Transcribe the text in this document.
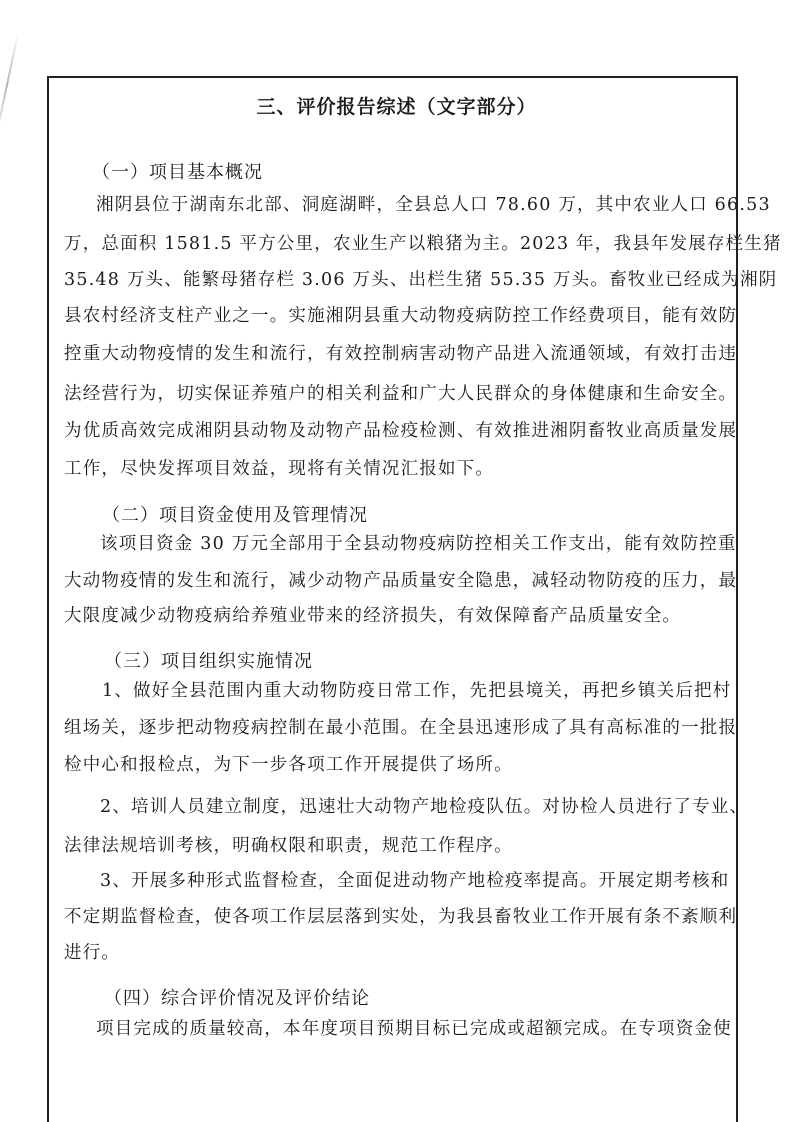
三、评价报告综述（文字部分）
（一）项目基本概况
湘阴县位于湖南东北部、洞庭湖畔，全县总人口 78.60 万，其中农业人口 66.53
万，总面积 1581.5 平方公里，农业生产以粮猪为主。2023 年，我县年发展存栏生猪
35.48 万头、能繁母猪存栏 3.06 万头、出栏生猪 55.35 万头。畜牧业已经成为湘阴
县农村经济支柱产业之一。实施湘阴县重大动物疫病防控工作经费项目，能有效防
控重大动物疫情的发生和流行，有效控制病害动物产品进入流通领域，有效打击违
法经营行为，切实保证养殖户的相关利益和广大人民群众的身体健康和生命安全。
为优质高效完成湘阴县动物及动物产品检疫检测、有效推进湘阴畜牧业高质量发展
工作，尽快发挥项目效益，现将有关情况汇报如下。
（二）项目资金使用及管理情况
该项目资金 30 万元全部用于全县动物疫病防控相关工作支出，能有效防控重
大动物疫情的发生和流行，减少动物产品质量安全隐患，减轻动物防疫的压力，最
大限度减少动物疫病给养殖业带来的经济损失，有效保障畜产品质量安全。
（三）项目组织实施情况
1、做好全县范围内重大动物防疫日常工作，先把县境关，再把乡镇关后把村
组场关，逐步把动物疫病控制在最小范围。在全县迅速形成了具有高标准的一批报
检中心和报检点，为下一步各项工作开展提供了场所。
2、培训人员建立制度，迅速壮大动物产地检疫队伍。对协检人员进行了专业、
法律法规培训考核，明确权限和职责，规范工作程序。
3、开展多种形式监督检查，全面促进动物产地检疫率提高。开展定期考核和
不定期监督检查，使各项工作层层落到实处，为我县畜牧业工作开展有条不紊顺利
进行。
（四）综合评价情况及评价结论
项目完成的质量较高，本年度项目预期目标已完成或超额完成。在专项资金使
